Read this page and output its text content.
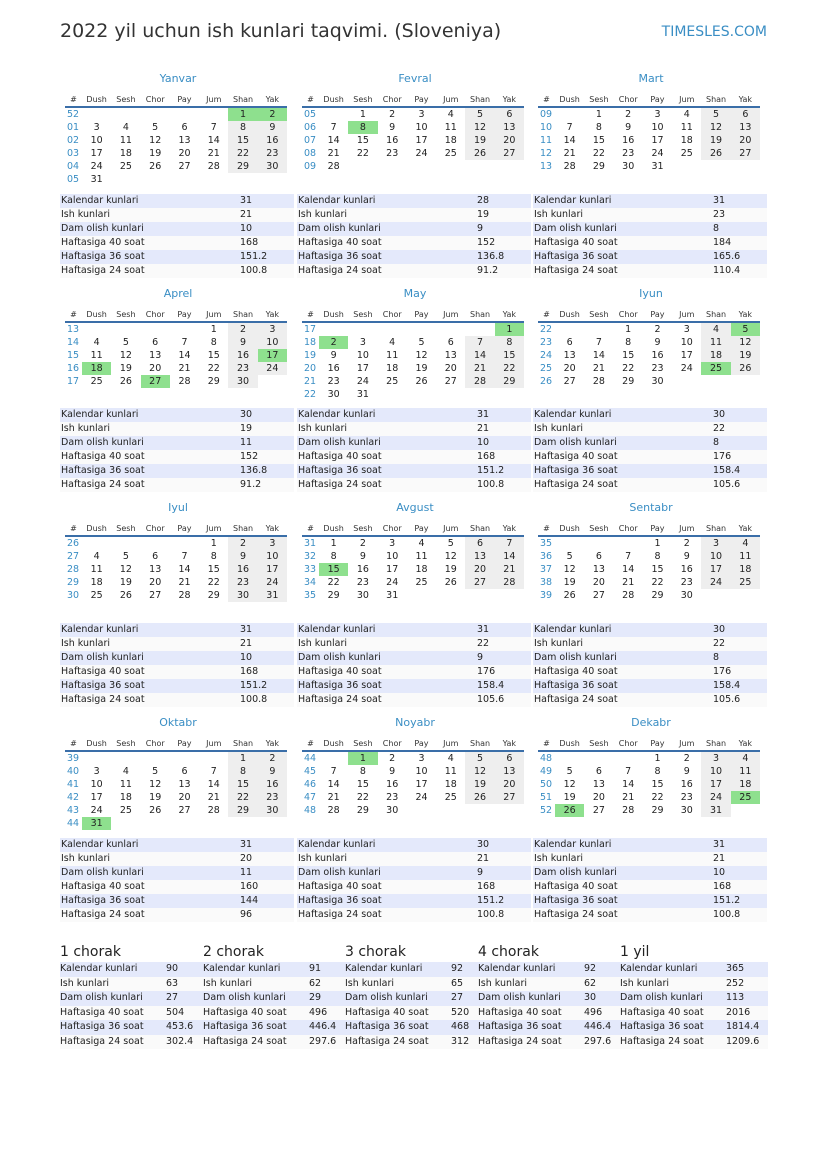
2022 yil uchun ish kunlari taqvimi. (Sloveniya)	TIMESLES.COM
Yanvar
#	Dush	Sesh	Chor	Pay	Jum	Shan	Yak
52						1	2
01	3	4	5	6	7	8	9
02	10	11	12	13	14	15	16
03	17	18	19	20	21	22	23
04	24	25	26	27	28	29	30
05	31						
Kalendar kunlari	31
Ish kunlari	21
Dam olish kunlari	10
Haftasiga 40 soat	168
Haftasiga 36 soat	151.2
Haftasiga 24 soat	100.8
Fevral
#	Dush	Sesh	Chor	Pay	Jum	Shan	Yak
05		1	2	3	4	5	6
06	7	8	9	10	11	12	13
07	14	15	16	17	18	19	20
08	21	22	23	24	25	26	27
09	28						
Kalendar kunlari	28
Ish kunlari	19
Dam olish kunlari	9
Haftasiga 40 soat	152
Haftasiga 36 soat	136.8
Haftasiga 24 soat	91.2
Mart
#	Dush	Sesh	Chor	Pay	Jum	Shan	Yak
09		1	2	3	4	5	6
10	7	8	9	10	11	12	13
11	14	15	16	17	18	19	20
12	21	22	23	24	25	26	27
13	28	29	30	31			
Kalendar kunlari	31
Ish kunlari	23
Dam olish kunlari	8
Haftasiga 40 soat	184
Haftasiga 36 soat	165.6
Haftasiga 24 soat	110.4
Aprel
#	Dush	Sesh	Chor	Pay	Jum	Shan	Yak
13					1	2	3
14	4	5	6	7	8	9	10
15	11	12	13	14	15	16	17
16	18	19	20	21	22	23	24
17	25	26	27	28	29	30	
Kalendar kunlari	30
Ish kunlari	19
Dam olish kunlari	11
Haftasiga 40 soat	152
Haftasiga 36 soat	136.8
Haftasiga 24 soat	91.2
May
#	Dush	Sesh	Chor	Pay	Jum	Shan	Yak
17							1
18	2	3	4	5	6	7	8
19	9	10	11	12	13	14	15
20	16	17	18	19	20	21	22
21	23	24	25	26	27	28	29
22	30	31					
Kalendar kunlari	31
Ish kunlari	21
Dam olish kunlari	10
Haftasiga 40 soat	168
Haftasiga 36 soat	151.2
Haftasiga 24 soat	100.8
Iyun
#	Dush	Sesh	Chor	Pay	Jum	Shan	Yak
22			1	2	3	4	5
23	6	7	8	9	10	11	12
24	13	14	15	16	17	18	19
25	20	21	22	23	24	25	26
26	27	28	29	30			
Kalendar kunlari	30
Ish kunlari	22
Dam olish kunlari	8
Haftasiga 40 soat	176
Haftasiga 36 soat	158.4
Haftasiga 24 soat	105.6
Iyul
#	Dush	Sesh	Chor	Pay	Jum	Shan	Yak
26					1	2	3
27	4	5	6	7	8	9	10
28	11	12	13	14	15	16	17
29	18	19	20	21	22	23	24
30	25	26	27	28	29	30	31
Kalendar kunlari	31
Ish kunlari	21
Dam olish kunlari	10
Haftasiga 40 soat	168
Haftasiga 36 soat	151.2
Haftasiga 24 soat	100.8
Avgust
#	Dush	Sesh	Chor	Pay	Jum	Shan	Yak
31	1	2	3	4	5	6	7
32	8	9	10	11	12	13	14
33	15	16	17	18	19	20	21
34	22	23	24	25	26	27	28
35	29	30	31				
Kalendar kunlari	31
Ish kunlari	22
Dam olish kunlari	9
Haftasiga 40 soat	176
Haftasiga 36 soat	158.4
Haftasiga 24 soat	105.6
Sentabr
#	Dush	Sesh	Chor	Pay	Jum	Shan	Yak
35				1	2	3	4
36	5	6	7	8	9	10	11
37	12	13	14	15	16	17	18
38	19	20	21	22	23	24	25
39	26	27	28	29	30		
Kalendar kunlari	30
Ish kunlari	22
Dam olish kunlari	8
Haftasiga 40 soat	176
Haftasiga 36 soat	158.4
Haftasiga 24 soat	105.6
Oktabr
#	Dush	Sesh	Chor	Pay	Jum	Shan	Yak
39						1	2
40	3	4	5	6	7	8	9
41	10	11	12	13	14	15	16
42	17	18	19	20	21	22	23
43	24	25	26	27	28	29	30
44	31						
Kalendar kunlari	31
Ish kunlari	20
Dam olish kunlari	11
Haftasiga 40 soat	160
Haftasiga 36 soat	144
Haftasiga 24 soat	96
Noyabr
#	Dush	Sesh	Chor	Pay	Jum	Shan	Yak
44		1	2	3	4	5	6
45	7	8	9	10	11	12	13
46	14	15	16	17	18	19	20
47	21	22	23	24	25	26	27
48	28	29	30				
Kalendar kunlari	30
Ish kunlari	21
Dam olish kunlari	9
Haftasiga 40 soat	168
Haftasiga 36 soat	151.2
Haftasiga 24 soat	100.8
Dekabr
#	Dush	Sesh	Chor	Pay	Jum	Shan	Yak
48				1	2	3	4
49	5	6	7	8	9	10	11
50	12	13	14	15	16	17	18
51	19	20	21	22	23	24	25
52	26	27	28	29	30	31	
Kalendar kunlari	31
Ish kunlari	21
Dam olish kunlari	10
Haftasiga 40 soat	168
Haftasiga 36 soat	151.2
Haftasiga 24 soat	100.8
1 chorak
Kalendar kunlari	90
Ish kunlari	63
Dam olish kunlari	27
Haftasiga 40 soat	504
Haftasiga 36 soat	453.6
Haftasiga 24 soat	302.4
2 chorak
Kalendar kunlari	91
Ish kunlari	62
Dam olish kunlari	29
Haftasiga 40 soat	496
Haftasiga 36 soat	446.4
Haftasiga 24 soat	297.6
3 chorak
Kalendar kunlari	92
Ish kunlari	65
Dam olish kunlari	27
Haftasiga 40 soat	520
Haftasiga 36 soat	468
Haftasiga 24 soat	312
4 chorak
Kalendar kunlari	92
Ish kunlari	62
Dam olish kunlari	30
Haftasiga 40 soat	496
Haftasiga 36 soat	446.4
Haftasiga 24 soat	297.6
1 yil
Kalendar kunlari	365
Ish kunlari	252
Dam olish kunlari	113
Haftasiga 40 soat	2016
Haftasiga 36 soat	1814.4
Haftasiga 24 soat	1209.6
